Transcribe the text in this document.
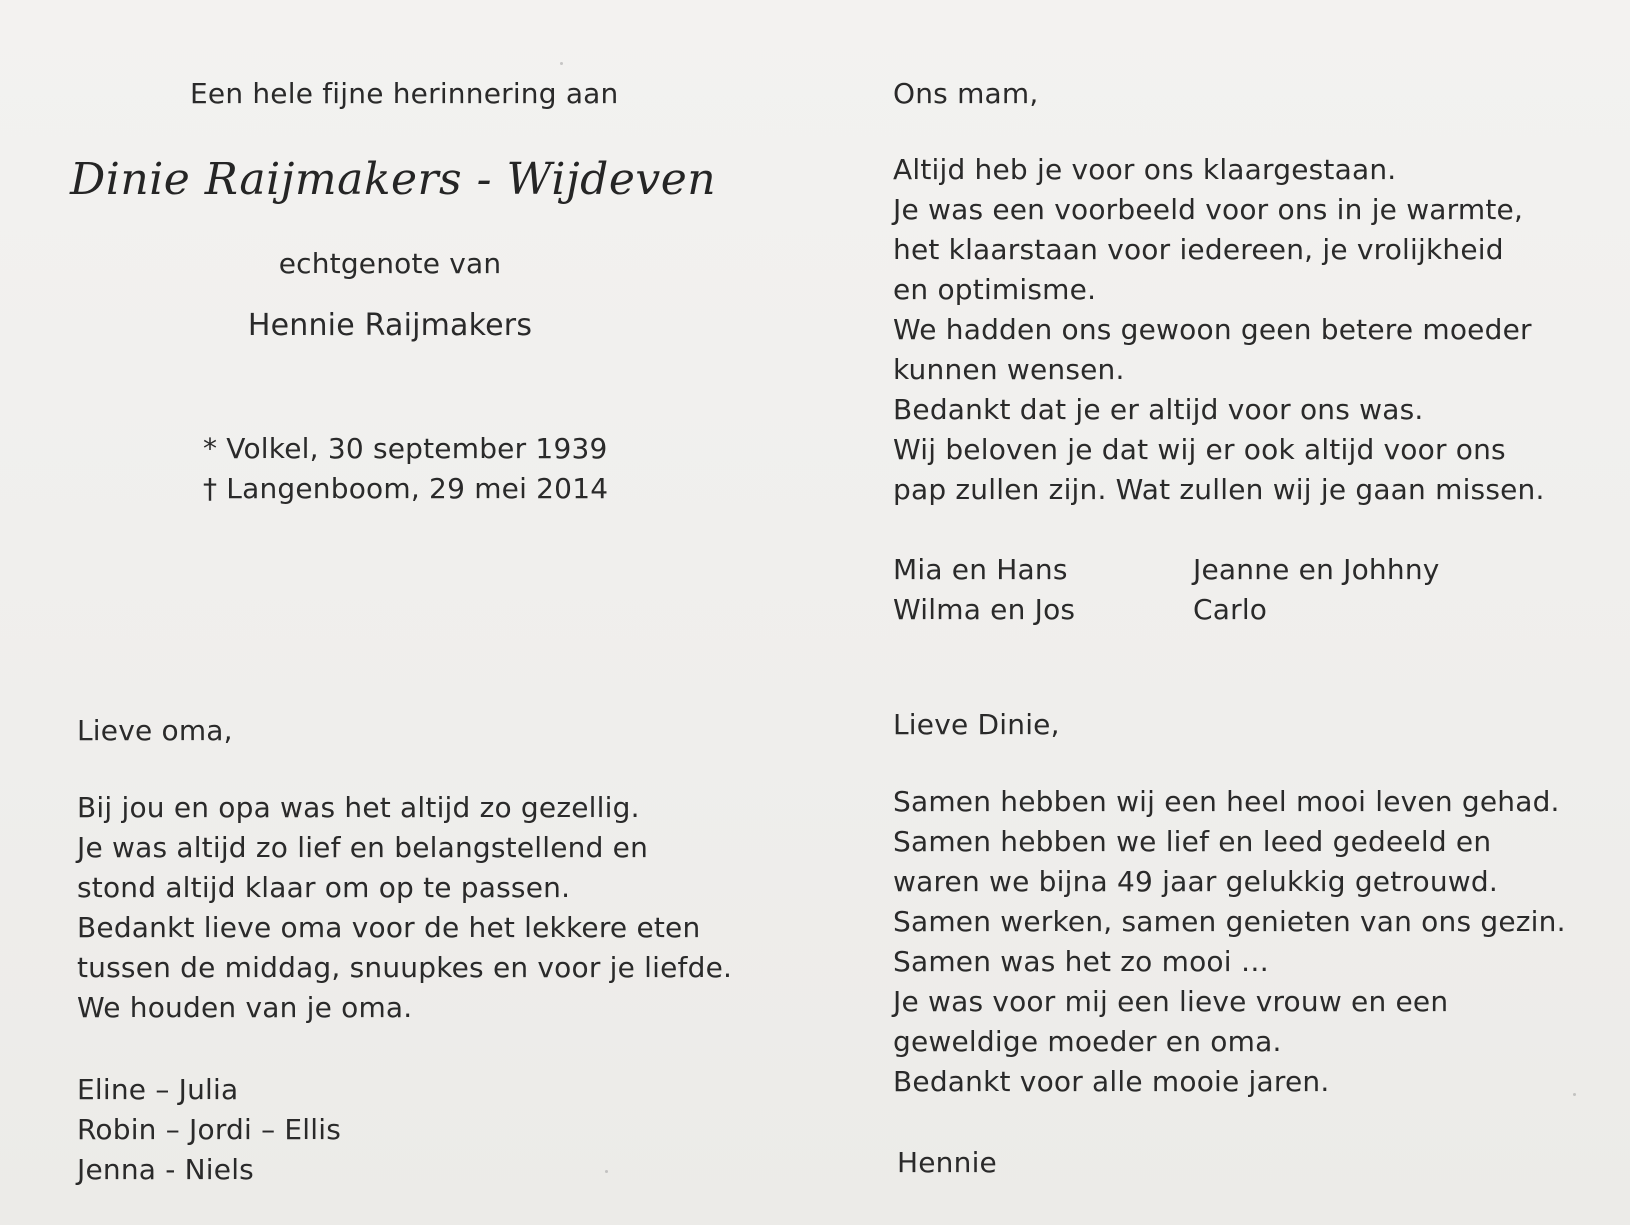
Een hele fijne herinnering aan
Dinie Raijmakers - Wijdeven
echtgenote van
Hennie Raijmakers
* Volkel, 30 september 1939
† Langenboom, 29 mei 2014
Ons mam,
Altijd heb je voor ons klaargestaan.
Je was een voorbeeld voor ons in je warmte,
het klaarstaan voor iedereen, je vrolijkheid
en optimisme.
We hadden ons gewoon geen betere moeder
kunnen wensen.
Bedankt dat je er altijd voor ons was.
Wij beloven je dat wij er ook altijd voor ons
pap zullen zijn. Wat zullen wij je gaan missen.
Mia en Hans
Wilma en Jos
Jeanne en Johhny
Carlo
Lieve oma,
Bij jou en opa was het altijd zo gezellig.
Je was altijd zo lief en belangstellend en
stond altijd klaar om op te passen.
Bedankt lieve oma voor de het lekkere eten
tussen de middag, snuupkes en voor je liefde.
We houden van je oma.
Eline – Julia
Robin – Jordi – Ellis
Jenna - Niels
Lieve Dinie,
Samen hebben wij een heel mooi leven gehad.
Samen hebben we lief en leed gedeeld en
waren we bijna 49 jaar gelukkig getrouwd.
Samen werken, samen genieten van ons gezin.
Samen was het zo mooi …
Je was voor mij een lieve vrouw en een
geweldige moeder en oma.
Bedankt voor alle mooie jaren.
Hennie
